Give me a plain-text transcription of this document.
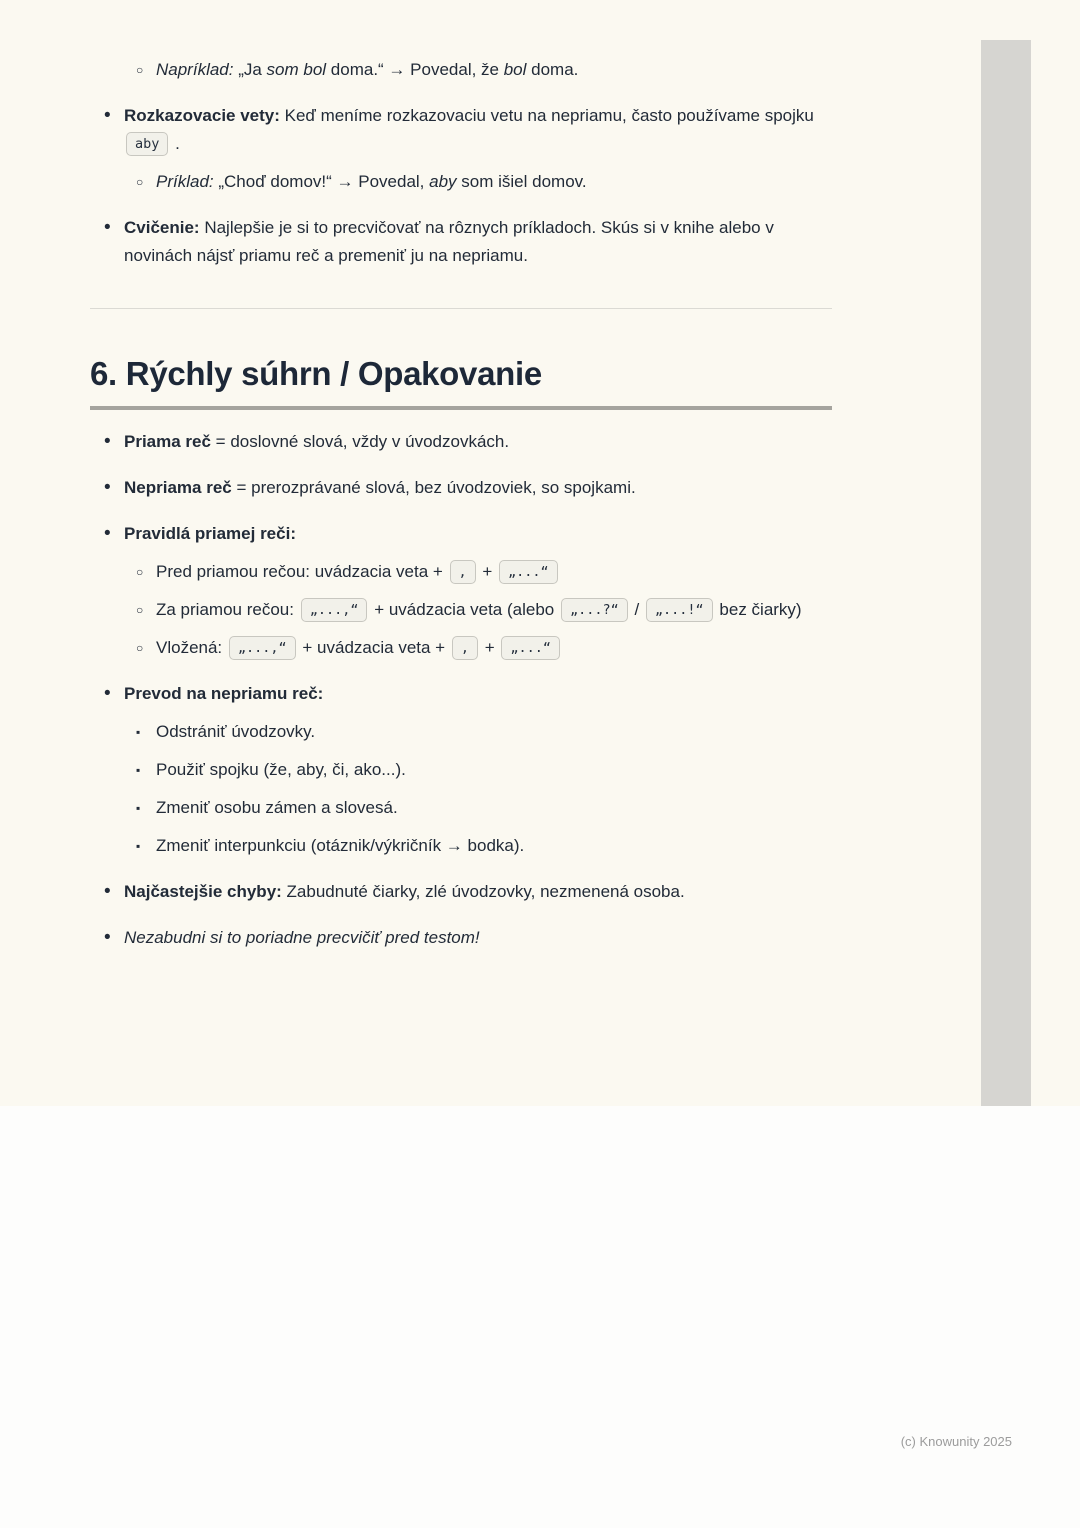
○ Napríklad: „Ja som bol doma.“ → Povedal, že bol doma.
• Rozkazovacie vety: Keď meníme rozkazovaciu vetu na nepriamu, často používame spojku aby .
○ Príklad: „Choď domov!“ → Povedal, aby som išiel domov.
• Cvičenie: Najlepšie je si to precvičovať na rôznych príkladoch. Skús si v knihe alebo v novinách nájsť priamu reč a premeniť ju na nepriamu.
6. Rýchly súhrn / Opakovanie
• Priama reč = doslovné slová, vždy v úvodzovkách.
• Nepriama reč = prerozprávané slová, bez úvodzoviek, so spojkami.
• Pravidlá priamej reči:
○ Pred priamou rečou: uvádzacia veta + , + „...“
○ Za priamou rečou: „...,“ + uvádzacia veta (alebo „...?“ / „...!“ bez čiarky)
○ Vložená: „...,“ + uvádzacia veta + , + „...“
• Prevod na nepriamu reč:
▪ Odstrániť úvodzovky.
▪ Použiť spojku (že, aby, či, ako...).
▪ Zmeniť osobu zámen a slovesá.
▪ Zmeniť interpunkciu (otáznik/výkričník → bodka).
• Najčastejšie chyby: Zabudnuté čiarky, zlé úvodzovky, nezmenená osoba.
• Nezabudni si to poriadne precvičiť pred testom!
(c) Knowunity 2025
